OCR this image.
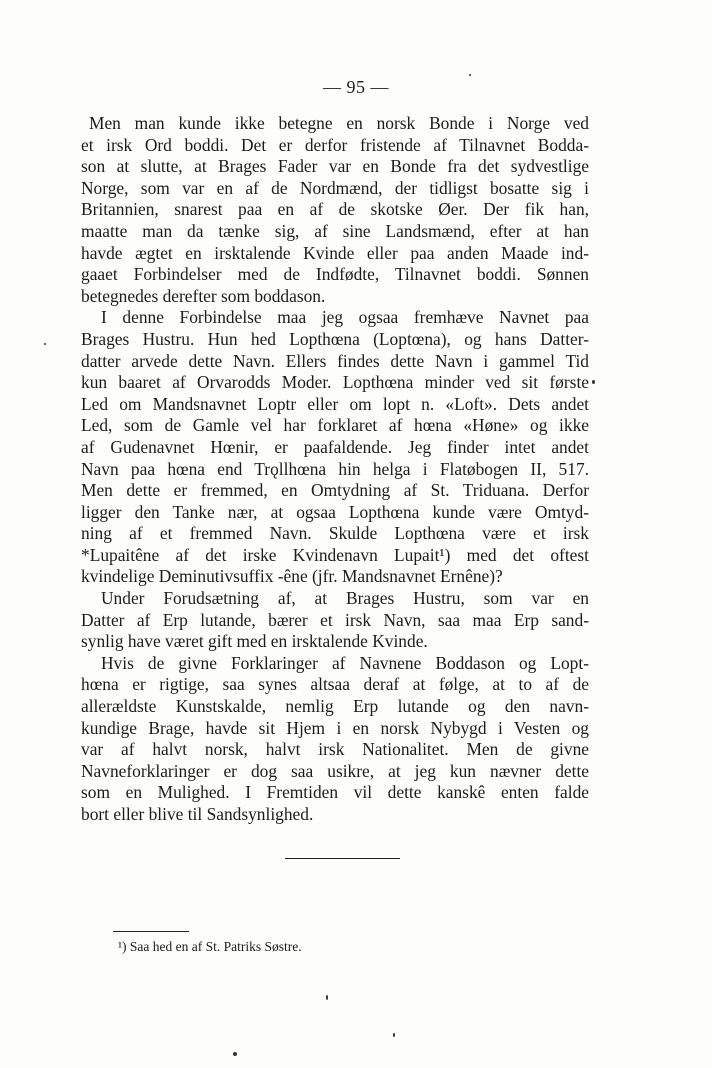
— 95 —
Men man kunde ikke betegne en norsk Bonde i Norge ved
et irsk Ord boddi. Det er derfor fristende af Tilnavnet Bodda-
son at slutte, at Brages Fader var en Bonde fra det sydvestlige
Norge, som var en af de Nordmænd, der tidligst bosatte sig i
Britannien, snarest paa en af de skotske Øer. Der fik han,
maatte man da tænke sig, af sine Landsmænd, efter at han
havde ægtet en irsktalende Kvinde eller paa anden Maade ind-
gaaet Forbindelser med de Indfødte, Tilnavnet boddi. Sønnen
betegnedes derefter som boddason.
I denne Forbindelse maa jeg ogsaa fremhæve Navnet paa
Brages Hustru. Hun hed Lopthœna (Loptœna), og hans Datter-
datter arvede dette Navn. Ellers findes dette Navn i gammel Tid
kun baaret af Orvarodds Moder. Lopthœna minder ved sit første
Led om Mandsnavnet Loptr eller om lopt n. «Loft». Dets andet
Led, som de Gamle vel har forklaret af hœna «Høne» og ikke
af Gudenavnet Hœnir, er paafaldende. Jeg finder intet andet
Navn paa hœna end Trǫllhœna hin helga i Flatøbogen II, 517.
Men dette er fremmed, en Omtydning af St. Triduana. Derfor
ligger den Tanke nær, at ogsaa Lopthœna kunde være Omtyd-
ning af et fremmed Navn. Skulde Lopthœna være et irsk
*Lupaitêne af det irske Kvindenavn Lupait¹) med det oftest
kvindelige Deminutivsuffix -êne (jfr. Mandsnavnet Ernêne)?
Under Forudsætning af, at Brages Hustru, som var en
Datter af Erp lutande, bærer et irsk Navn, saa maa Erp sand-
synlig have været gift med en irsktalende Kvinde.
Hvis de givne Forklaringer af Navnene Boddason og Lopt-
hœna er rigtige, saa synes altsaa deraf at følge, at to af de
allerældste Kunstskalde, nemlig Erp lutande og den navn-
kundige Brage, havde sit Hjem i en norsk Nybygd i Vesten og
var af halvt norsk, halvt irsk Nationalitet. Men de givne
Navneforklaringer er dog saa usikre, at jeg kun nævner dette
som en Mulighed. I Fremtiden vil dette kanskê enten falde
bort eller blive til Sandsynlighed.
¹) Saa hed en af St. Patriks Søstre.
